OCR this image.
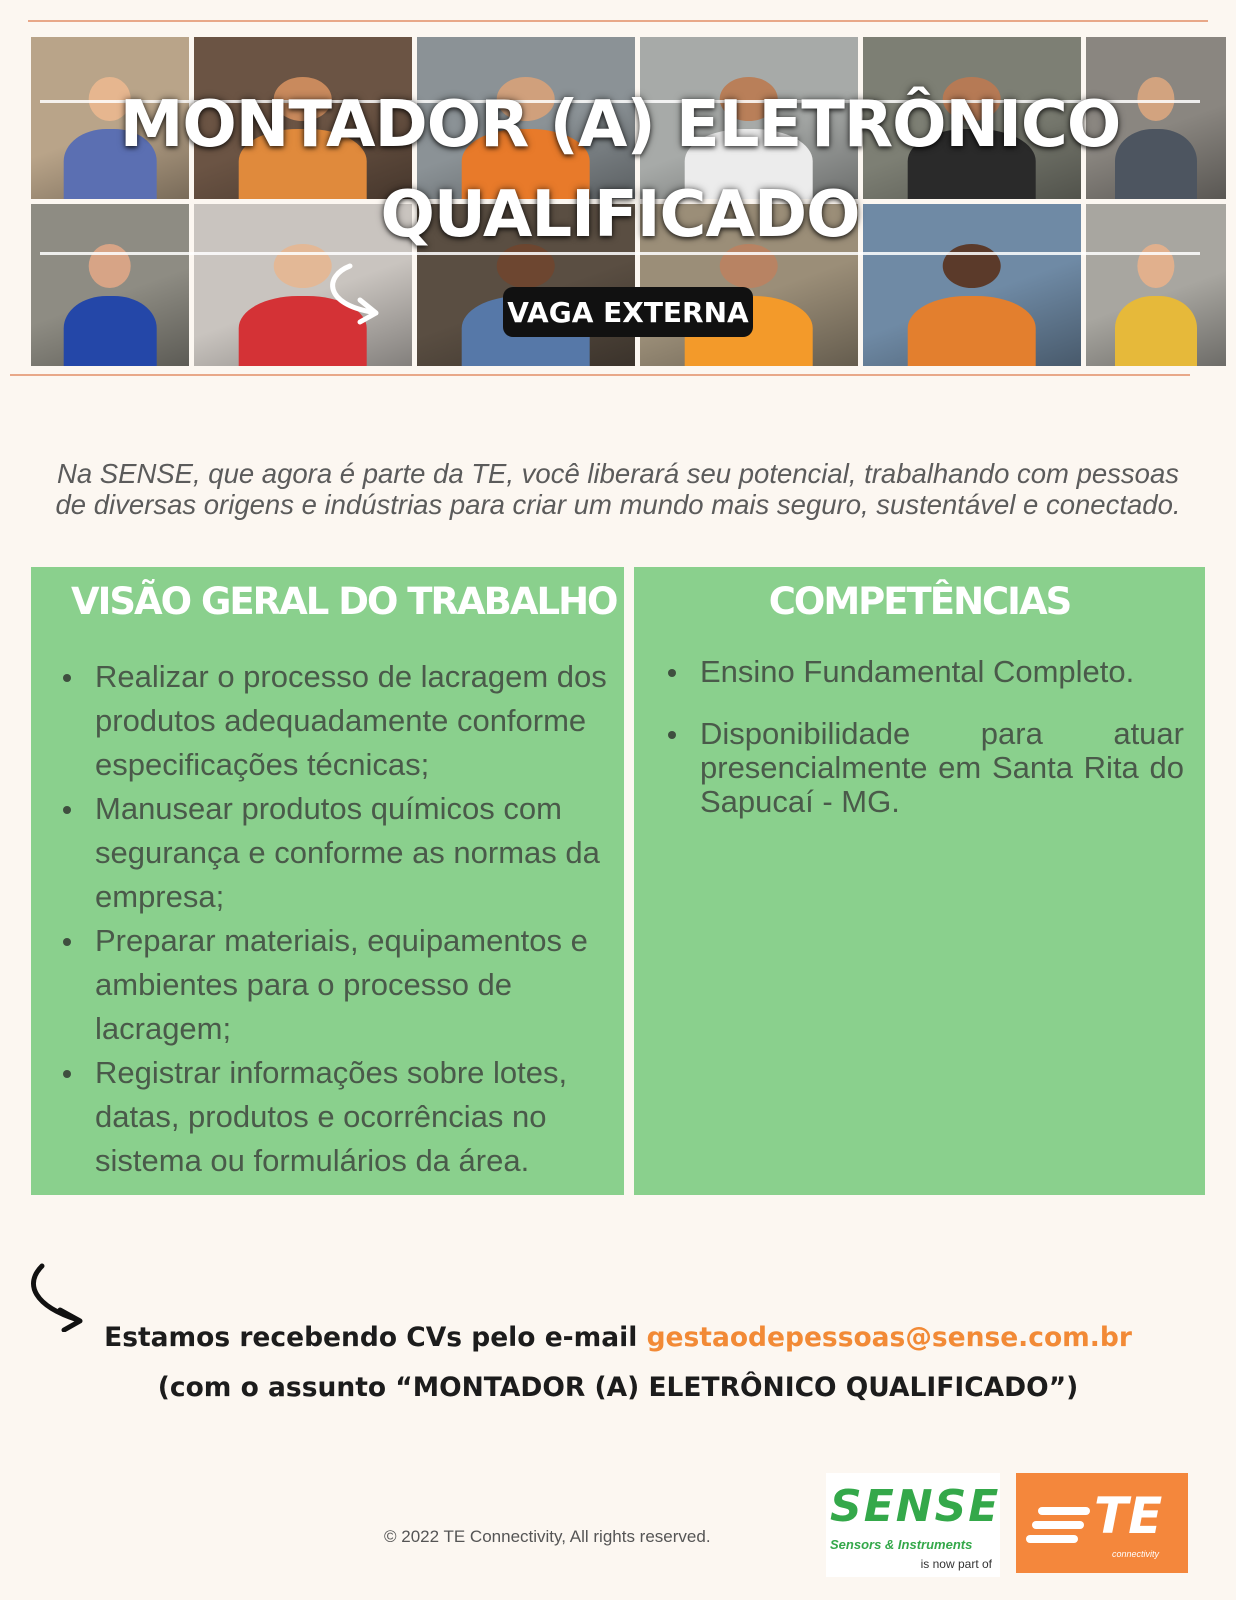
MONTADOR (A) ELETRÔNICO
QUALIFICADO
VAGA EXTERNA
Na SENSE, que agora é parte da TE, você liberará seu potencial, trabalhando com pessoas
de diversas origens e indústrias para criar um mundo mais seguro, sustentável e conectado.
VISÃO GERAL DO TRABALHO
Realizar o processo de lacragem dos produtos adequadamente conforme especificações técnicas;
Manusear produtos químicos com segurança e conforme as normas da empresa;
Preparar materiais, equipamentos e ambientes para o processo de lacragem;
Registrar informações sobre lotes, datas, produtos e ocorrências no sistema ou formulários da área.
COMPETÊNCIAS
Ensino Fundamental Completo.
Disponibilidade para atuar presencialmente em Santa Rita do Sapucaí - MG.
Estamos recebendo CVs pelo e-mail gestaodepessoas@sense.com.br
(com o assunto “MONTADOR (A) ELETRÔNICO QUALIFICADO”)
© 2022 TE Connectivity, All rights reserved.
SENSE
Sensors & Instruments
is now part of
TE
connectivity
